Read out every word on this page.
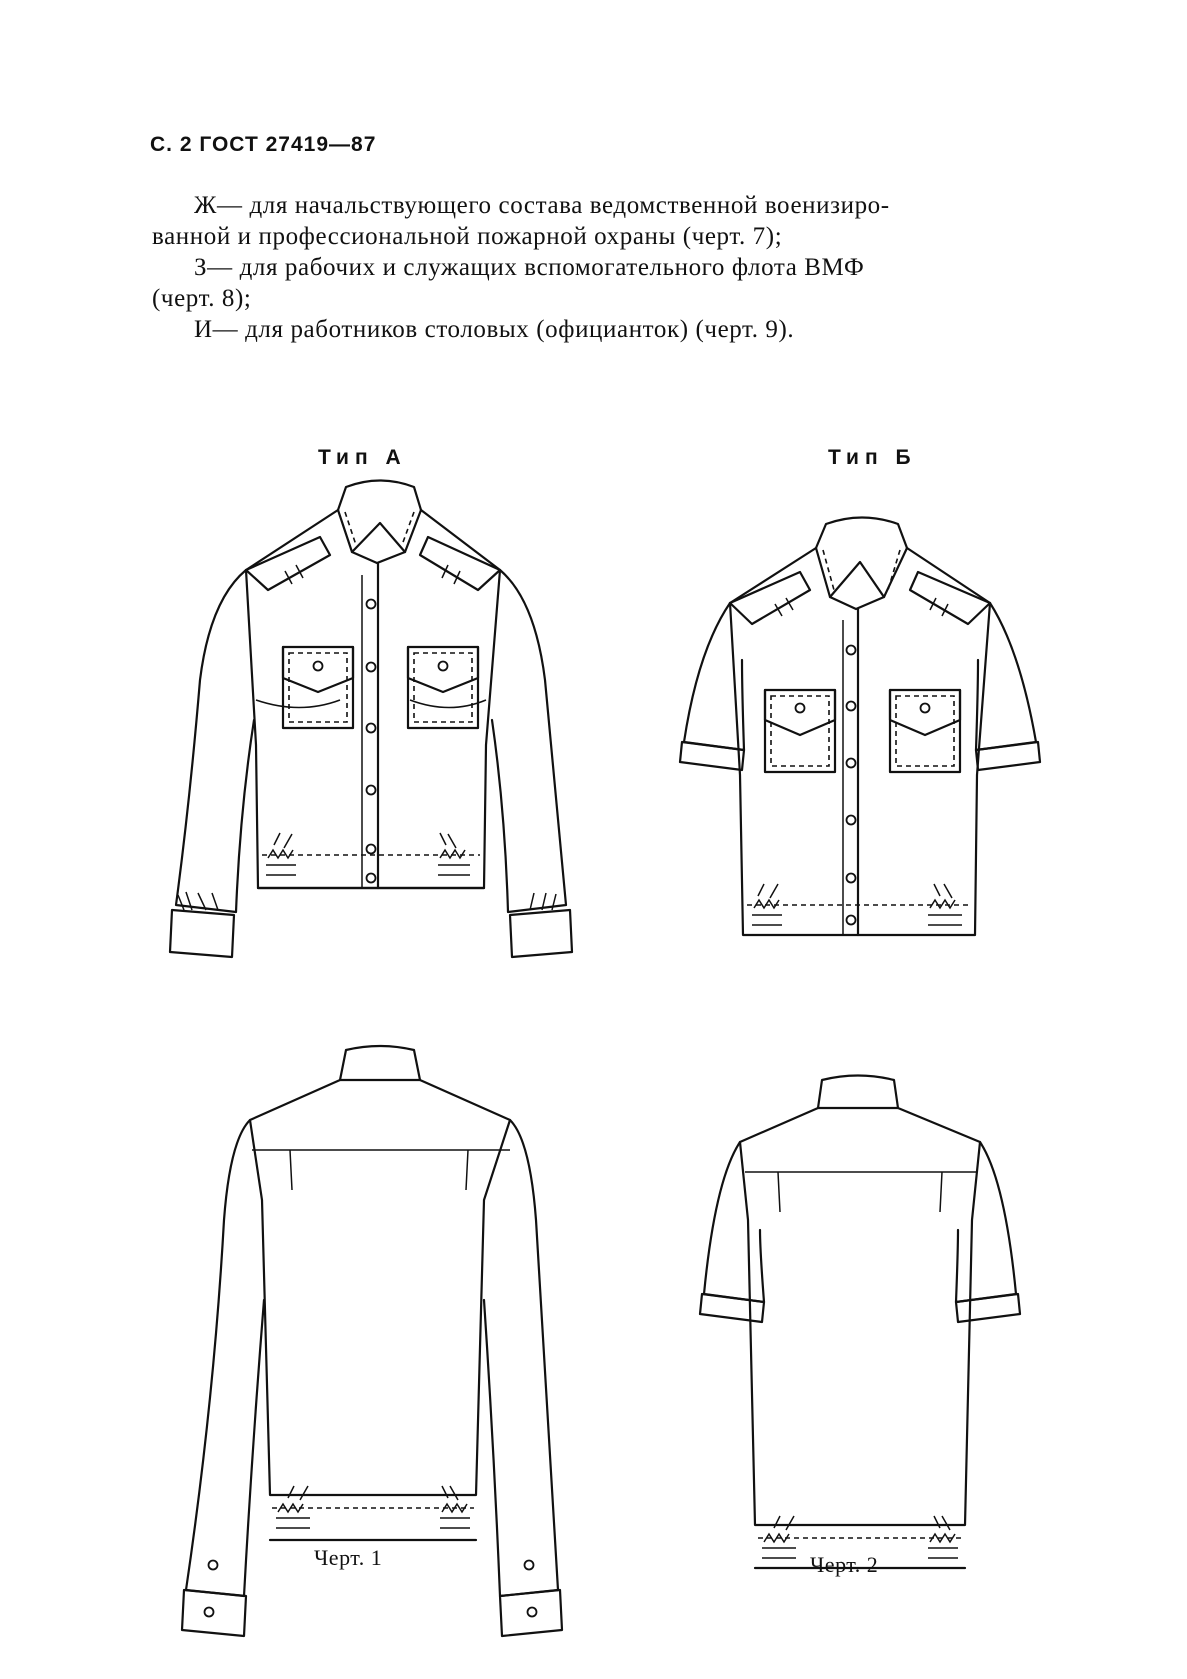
С. 2 ГОСТ 27419—87
Ж— для начальствующего состава ведомственной военизиро-
ванной и профессиональной пожарной охраны (черт. 7);
З— для рабочих и служащих вспомогательного флота ВМФ
(черт. 8);
И— для работников столовых (официанток) (черт. 9).
Тип А	Тип Б
Черт. 1	Черт. 2
